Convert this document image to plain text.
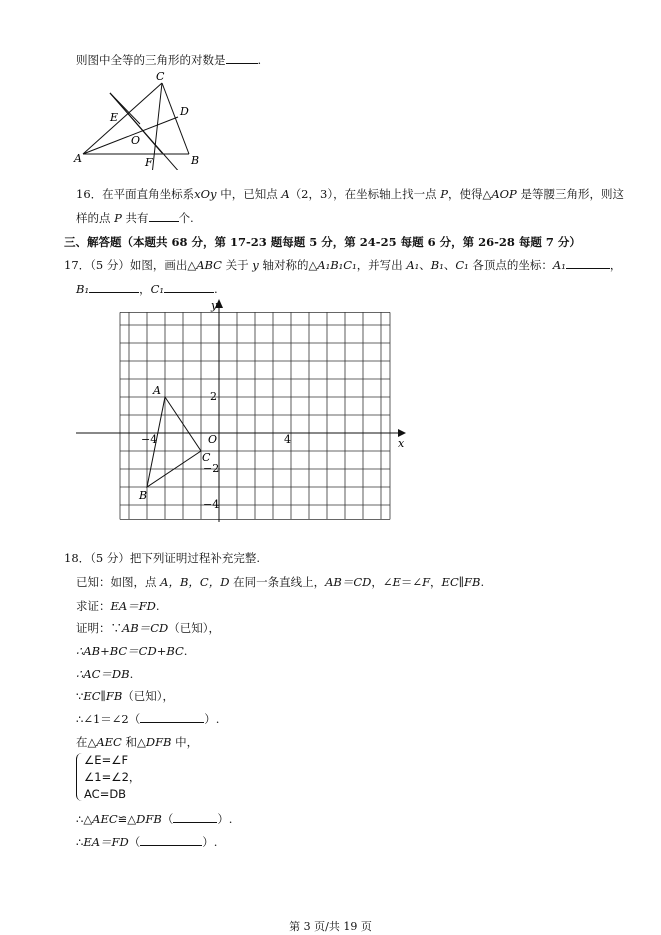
则图中全等的三角形的对数是	.
A	B
C
D
E
F
O
16．在平面直角坐标系xOy 中，已知点 A（2，3），在坐标轴上找一点 P，使得△AOP 是等腰三角形，则这
样的点 P 共有	个.
三、解答题（本题共 68 分，第 17-23 题每题 5 分，第 24-25 每题 6 分，第 26-28 每题 7 分）
17．（5 分）如图，画出△ABC 关于 y 轴对称的△A₁B₁C₁，并写出 A₁、B₁、C₁ 各顶点的坐标：A₁	，
B₁	，C₁	.
y
x
O
−4	4
2
−2
−4
A
B
C
18．（5 分）把下列证明过程补充完整.
已知：如图，点 A，B，C，D 在同一条直线上，AB＝CD，∠E＝∠F，EC∥FB.
求证：EA＝FD.
证明：∵AB＝CD（已知），
∴AB+BC＝CD+BC.
∴AC＝DB.
∵EC∥FB（已知），
∴∠1＝∠2（	）.
在△AEC 和△DFB 中，
∠E=∠F
∠1=∠2，
AC=DB
∴△AEC≌△DFB（	）.
∴EA＝FD（	）.
第 3 页/共 19 页
